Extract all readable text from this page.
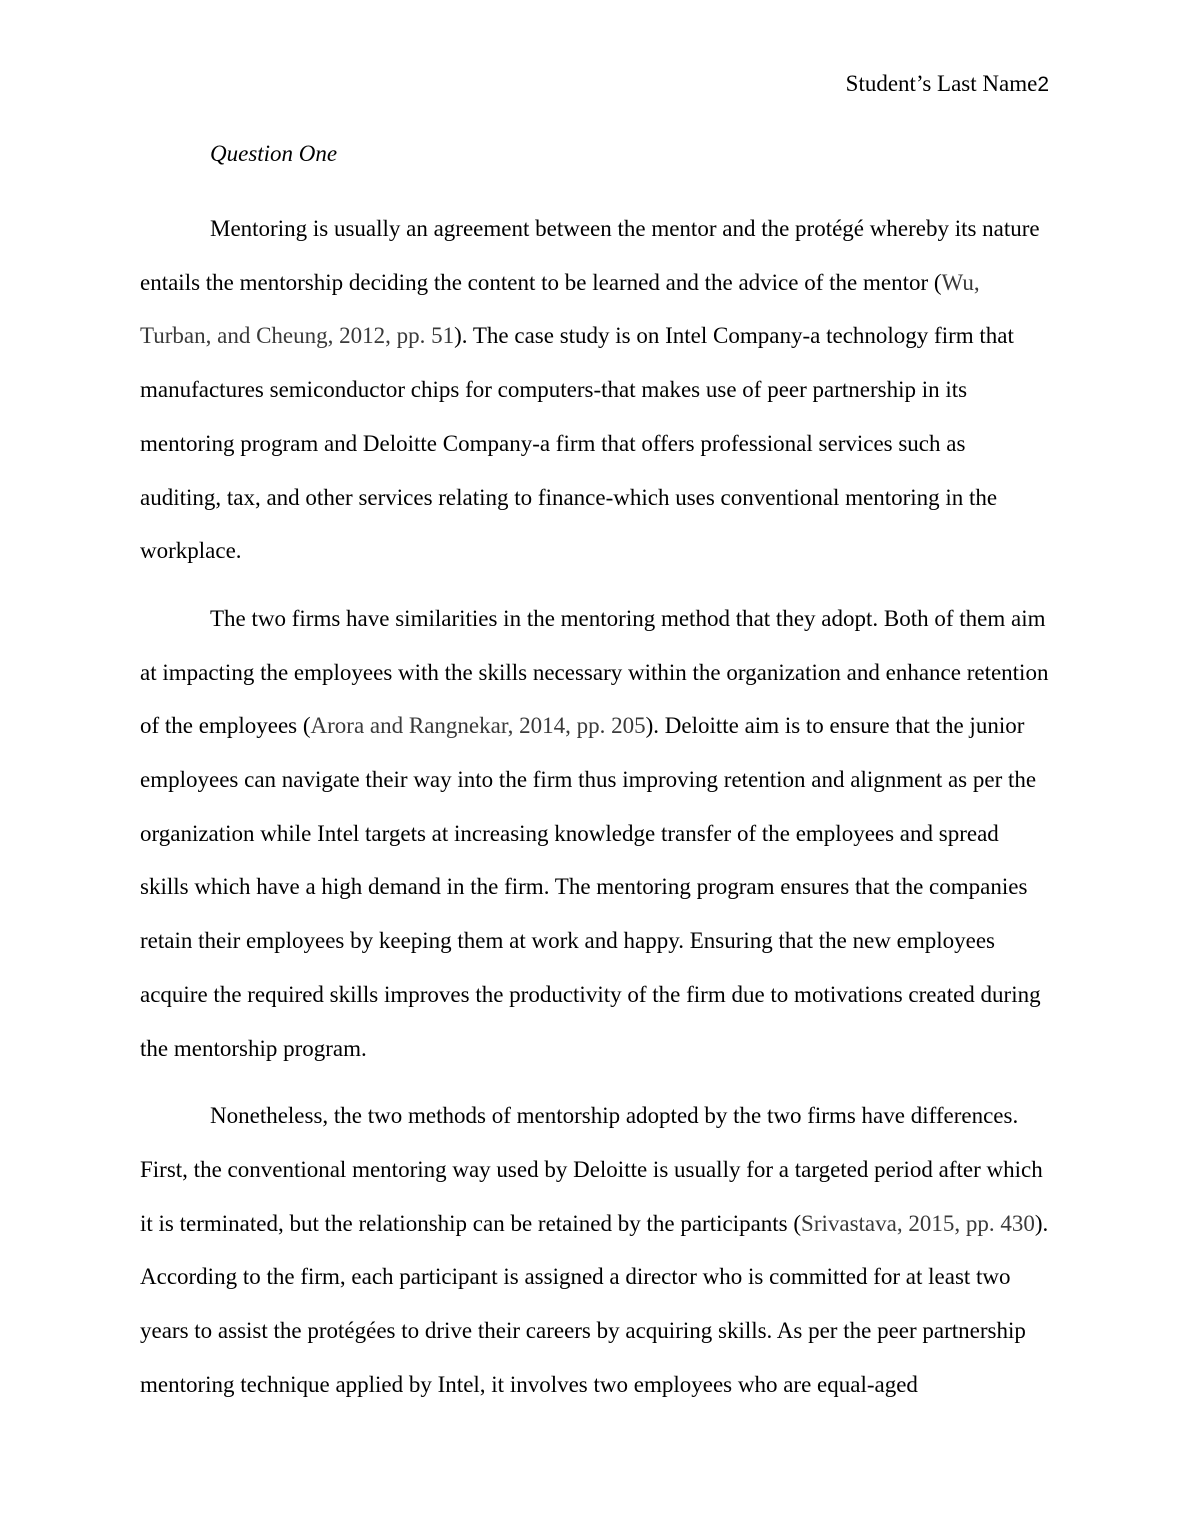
Student’s Last Name2
Question One

Mentoring is usually an agreement between the mentor and the protégé whereby its nature entails the mentorship deciding the content to be learned and the advice of the mentor (Wu, Turban, and Cheung, 2012, pp. 51). The case study is on Intel Company-a technology firm that manufactures semiconductor chips for computers-that makes use of peer partnership in its mentoring program and Deloitte Company-a firm that offers professional services such as auditing, tax, and other services relating to finance-which uses conventional mentoring in the workplace.

The two firms have similarities in the mentoring method that they adopt. Both of them aim at impacting the employees with the skills necessary within the organization and enhance retention of the employees (Arora and Rangnekar, 2014, pp. 205). Deloitte aim is to ensure that the junior employees can navigate their way into the firm thus improving retention and alignment as per the organization while Intel targets at increasing knowledge transfer of the employees and spread skills which have a high demand in the firm. The mentoring program ensures that the companies retain their employees by keeping them at work and happy. Ensuring that the new employees acquire the required skills improves the productivity of the firm due to motivations created during the mentorship program.

Nonetheless, the two methods of mentorship adopted by the two firms have differences. First, the conventional mentoring way used by Deloitte is usually for a targeted period after which it is terminated, but the relationship can be retained by the participants (Srivastava, 2015, pp. 430). According to the firm, each participant is assigned a director who is committed for at least two years to assist the protégées to drive their careers by acquiring skills. As per the peer partnership mentoring technique applied by Intel, it involves two employees who are equal-aged
